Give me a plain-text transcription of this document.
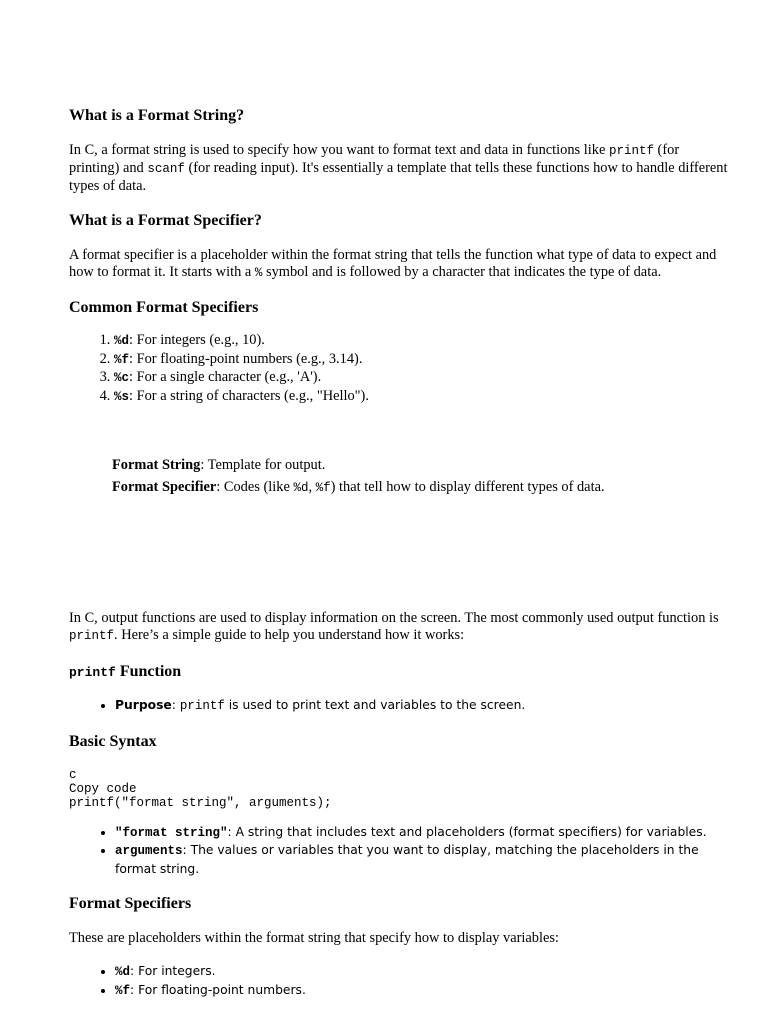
What is a Format String?

In C, a format string is used to specify how you want to format text and data in functions like printf (for printing) and scanf (for reading input). It's essentially a template that tells these functions how to handle different types of data.

What is a Format Specifier?

A format specifier is a placeholder within the format string that tells the function what type of data to expect and how to format it. It starts with a % symbol and is followed by a character that indicates the type of data.

Common Format Specifiers
1. %d: For integers (e.g., 10).
2. %f: For floating-point numbers (e.g., 3.14).
3. %c: For a single character (e.g., 'A').
4. %s: For a string of characters (e.g., "Hello").

Format String: Template for output.

Format Specifier: Codes (like %d, %f) that tell how to display different types of data.

In C, output functions are used to display information on the screen. The most commonly used output function is printf. Here’s a simple guide to help you understand how it works:

printf Function
• Purpose: printf is used to print text and variables to the screen.
Basic Syntax
c
Copy code
printf("format string", arguments);
• "format string": A string that includes text and placeholders (format specifiers) for variables.
• arguments: The values or variables that you want to display, matching the placeholders in the format string.
Format Specifiers

These are placeholders within the format string that specify how to display variables:

• %d: For integers.
• %f: For floating-point numbers.
